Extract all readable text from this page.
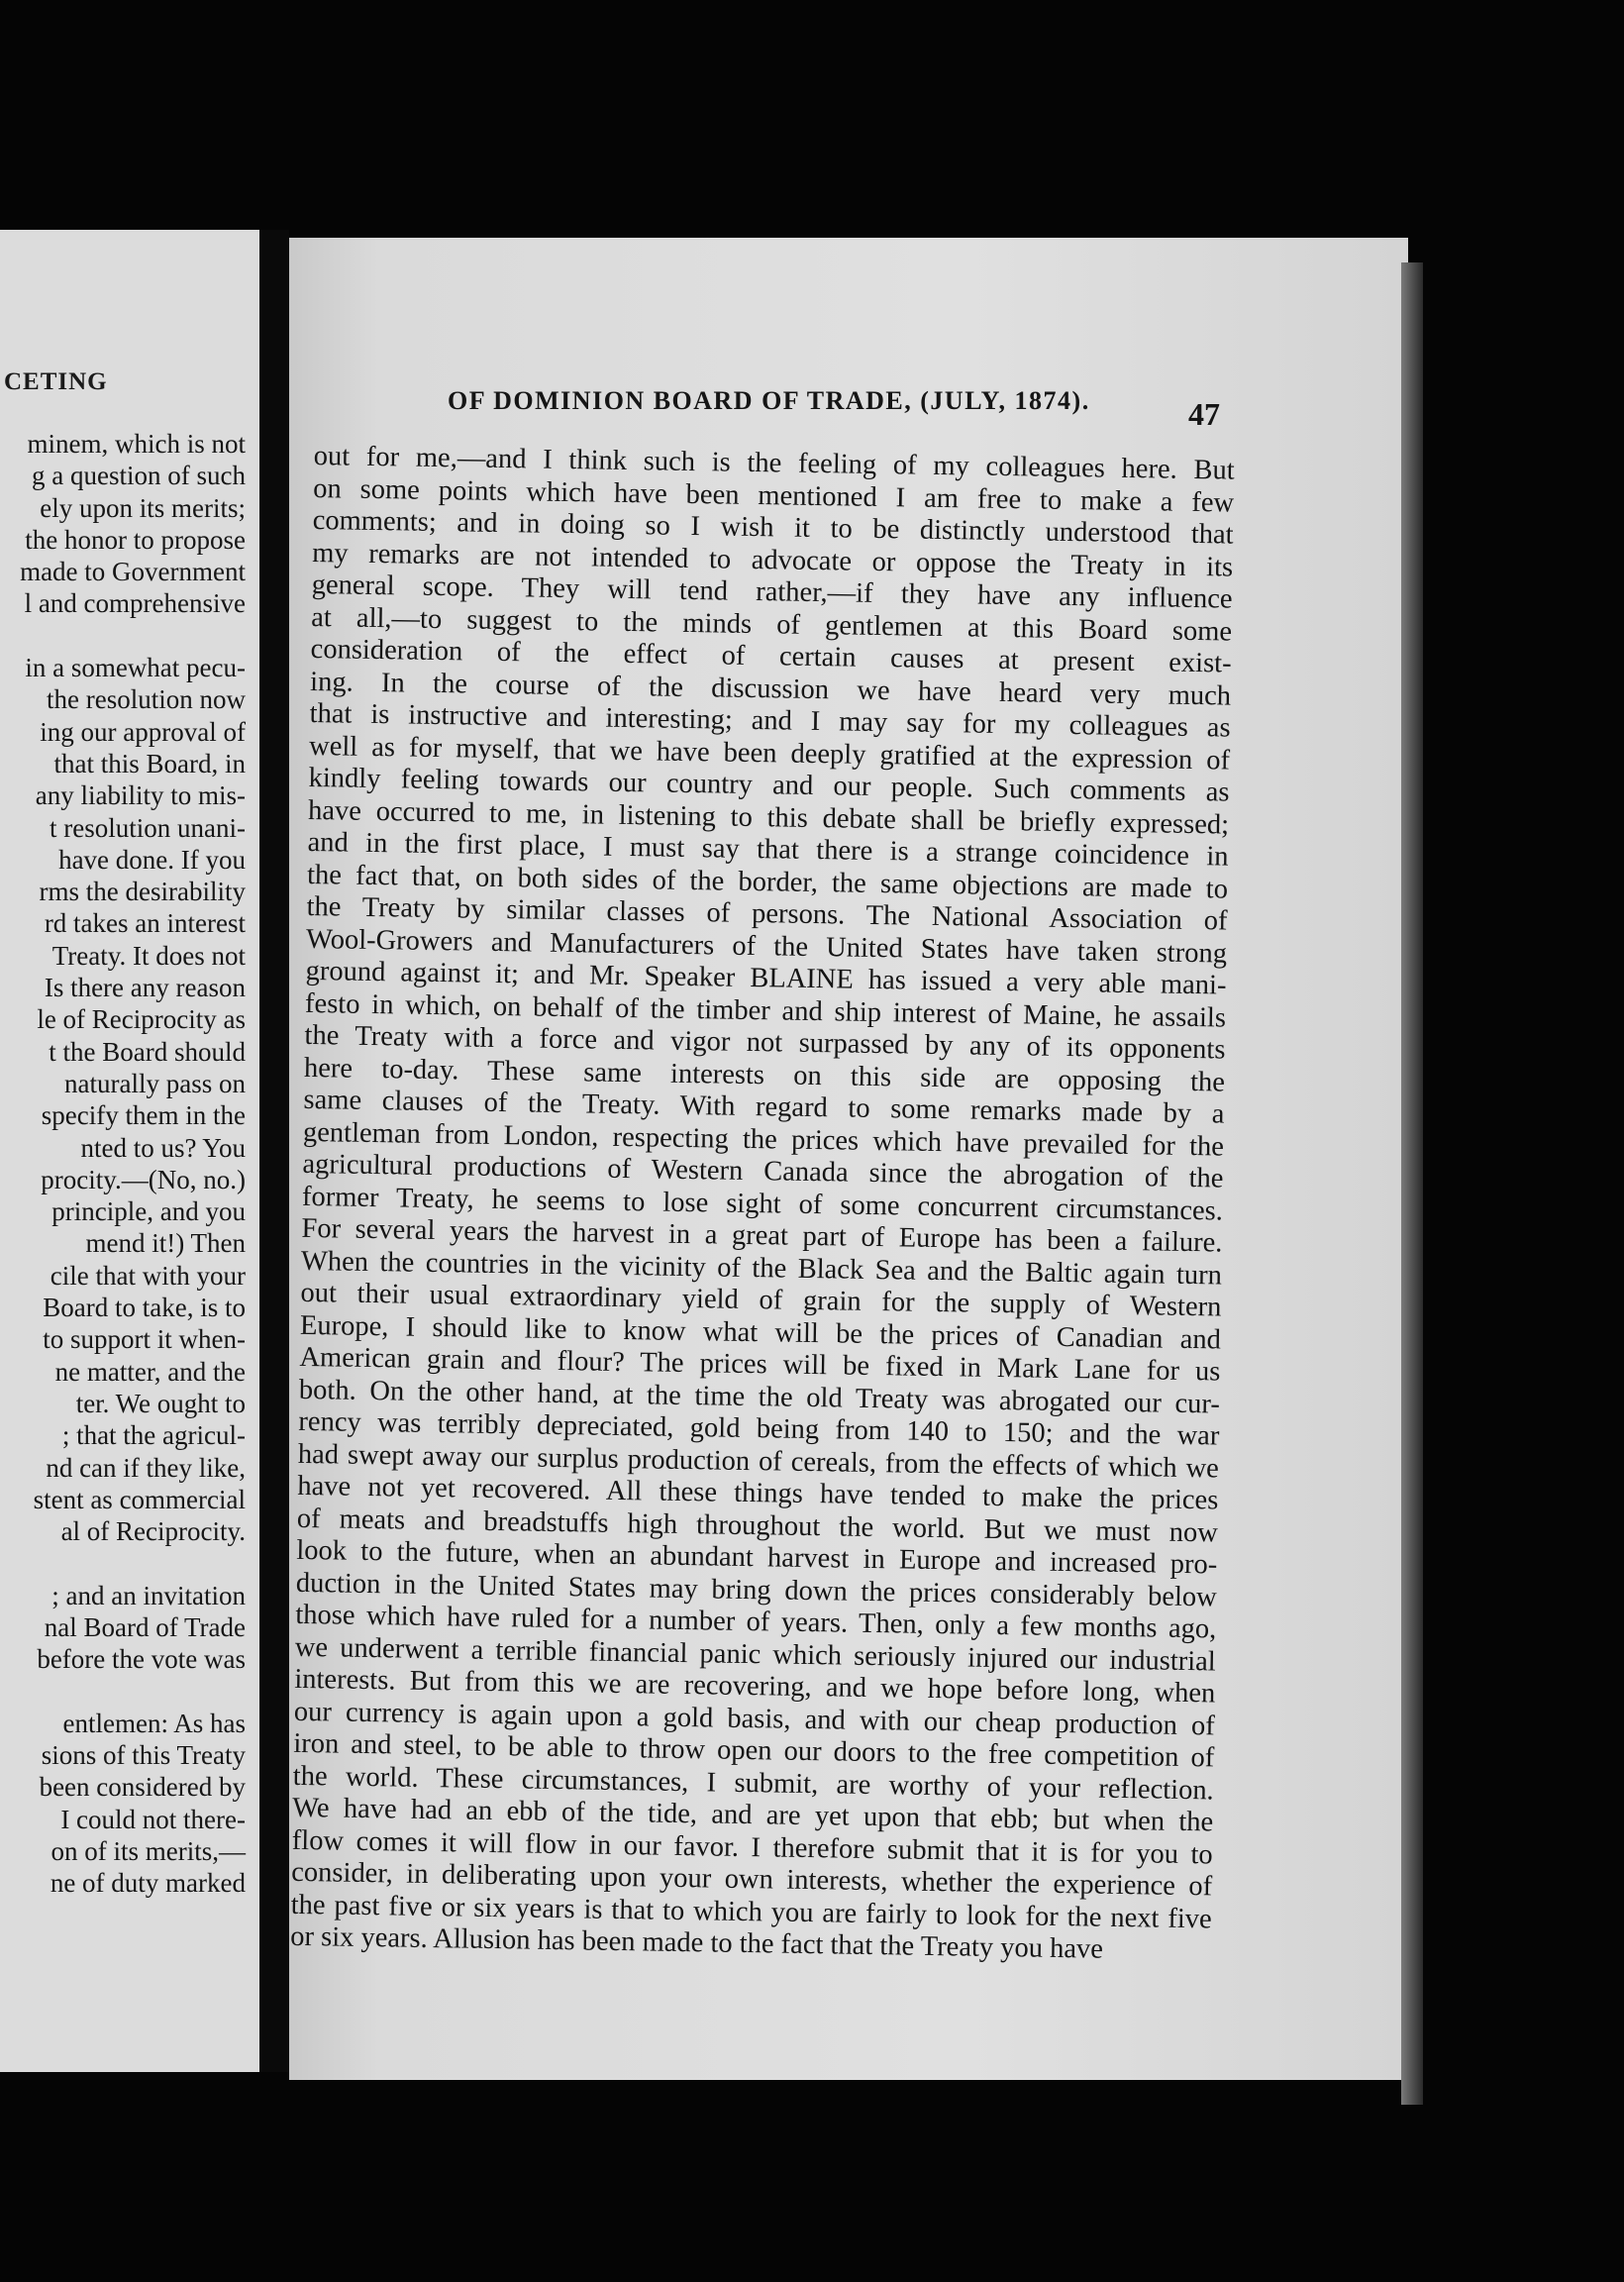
CETING
minem, which is not
g a question of such
ely upon its merits;
the honor to propose
made to Government
l and comprehensive
in a somewhat pecu-
the resolution now
ing our approval of
that this Board, in
any liability to mis-
t resolution unani-
have done. If you
rms the desirability
rd takes an interest
Treaty. It does not
Is there any reason
le of Reciprocity as
t the Board should
naturally pass on
specify them in the
nted to us? You
procity.—(No, no.)
principle, and you
mend it!) Then
cile that with your
Board to take, is to
to support it when-
ne matter, and the
ter. We ought to
; that the agricul-
nd can if they like,
stent as commercial
al of Reciprocity.
; and an invitation
nal Board of Trade
before the vote was
entlemen: As has
sions of this Treaty
been considered by
I could not there-
on of its merits,—
ne of duty marked
OF DOMINION BOARD OF TRADE, (JULY, 1874).	47
out for me,—and I think such is the feeling of my colleagues here. But
on some points which have been mentioned I am free to make a few
comments; and in doing so I wish it to be distinctly understood that
my remarks are not intended to advocate or oppose the Treaty in its
general scope. They will tend rather,—if they have any influence
at all,—to suggest to the minds of gentlemen at this Board some
consideration of the effect of certain causes at present exist-
ing. In the course of the discussion we have heard very much
that is instructive and interesting; and I may say for my colleagues as
well as for myself, that we have been deeply gratified at the expression of
kindly feeling towards our country and our people. Such comments as
have occurred to me, in listening to this debate shall be briefly expressed;
and in the first place, I must say that there is a strange coincidence in
the fact that, on both sides of the border, the same objections are made to
the Treaty by similar classes of persons. The National Association of
Wool-Growers and Manufacturers of the United States have taken strong
ground against it; and Mr. Speaker BLAINE has issued a very able mani-
festo in which, on behalf of the timber and ship interest of Maine, he assails
the Treaty with a force and vigor not surpassed by any of its opponents
here to-day. These same interests on this side are opposing the
same clauses of the Treaty. With regard to some remarks made by a
gentleman from London, respecting the prices which have prevailed for the
agricultural productions of Western Canada since the abrogation of the
former Treaty, he seems to lose sight of some concurrent circumstances.
For several years the harvest in a great part of Europe has been a failure.
When the countries in the vicinity of the Black Sea and the Baltic again turn
out their usual extraordinary yield of grain for the supply of Western
Europe, I should like to know what will be the prices of Canadian and
American grain and flour? The prices will be fixed in Mark Lane for us
both. On the other hand, at the time the old Treaty was abrogated our cur-
rency was terribly depreciated, gold being from 140 to 150; and the war
had swept away our surplus production of cereals, from the effects of which we
have not yet recovered. All these things have tended to make the prices
of meats and breadstuffs high throughout the world. But we must now
look to the future, when an abundant harvest in Europe and increased pro-
duction in the United States may bring down the prices considerably below
those which have ruled for a number of years. Then, only a few months ago,
we underwent a terrible financial panic which seriously injured our industrial
interests. But from this we are recovering, and we hope before long, when
our currency is again upon a gold basis, and with our cheap production of
iron and steel, to be able to throw open our doors to the free competition of
the world. These circumstances, I submit, are worthy of your reflection.
We have had an ebb of the tide, and are yet upon that ebb; but when the
flow comes it will flow in our favor. I therefore submit that it is for you to
consider, in deliberating upon your own interests, whether the experience of
the past five or six years is that to which you are fairly to look for the next five
or six years. Allusion has been made to the fact that the Treaty you have
